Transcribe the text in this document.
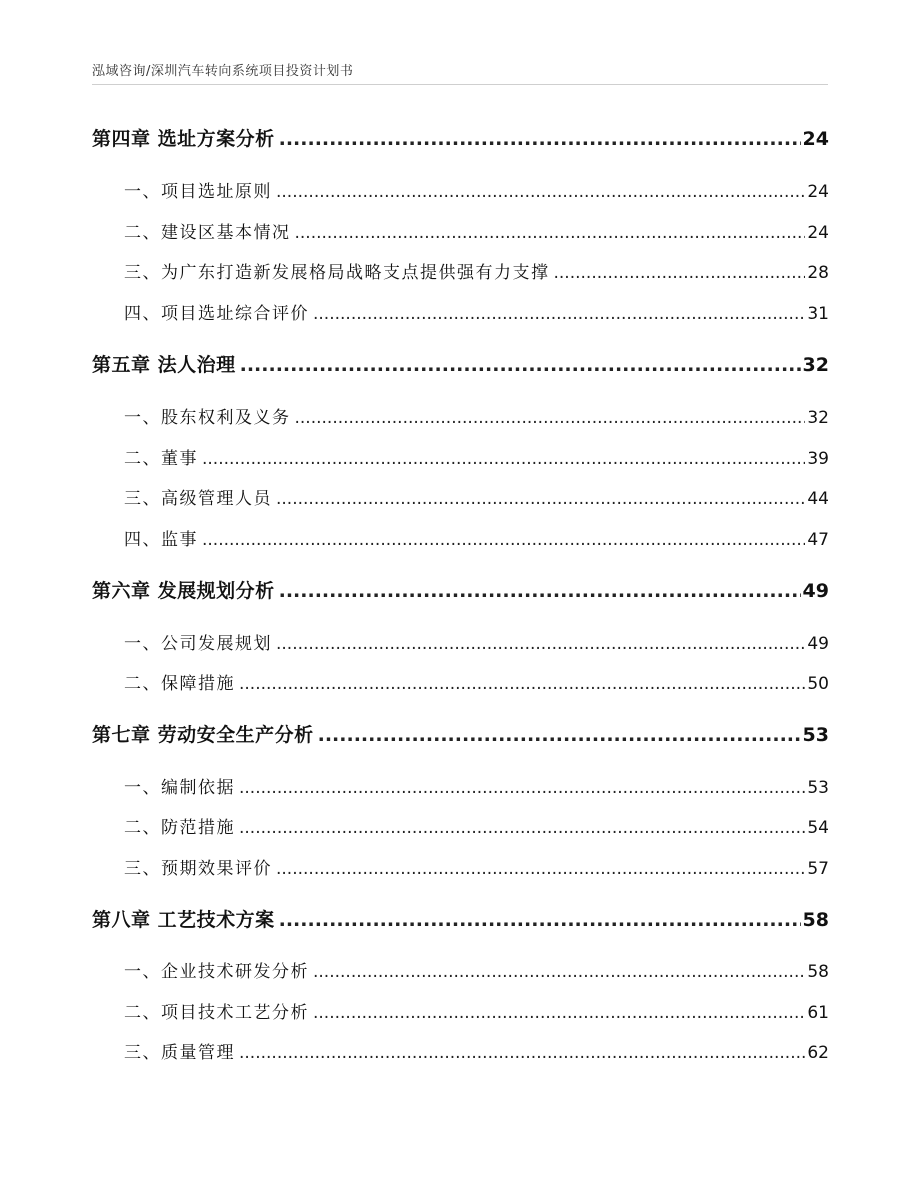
泓域咨询/深圳汽车转向系统项目投资计划书
第四章 选址方案分析 .....	24
一、 项目选址原则 .....	24
二、 建设区基本情况 .....	24
三、 为广东打造新发展格局战略支点提供强有力支撑 .....	28
四、 项目选址综合评价 .....	31
第五章 法人治理 .....	32
一、 股东权利及义务 .....	32
二、 董事 .....	39
三、 高级管理人员 .....	44
四、 监事 .....	47
第六章 发展规划分析 .....	49
一、 公司发展规划 .....	49
二、 保障措施 .....	50
第七章 劳动安全生产分析 .....	53
一、 编制依据 .....	53
二、 防范措施 .....	54
三、 预期效果评价 .....	57
第八章 工艺技术方案 .....	58
一、 企业技术研发分析 .....	58
二、 项目技术工艺分析 .....	61
三、 质量管理 .....	62
